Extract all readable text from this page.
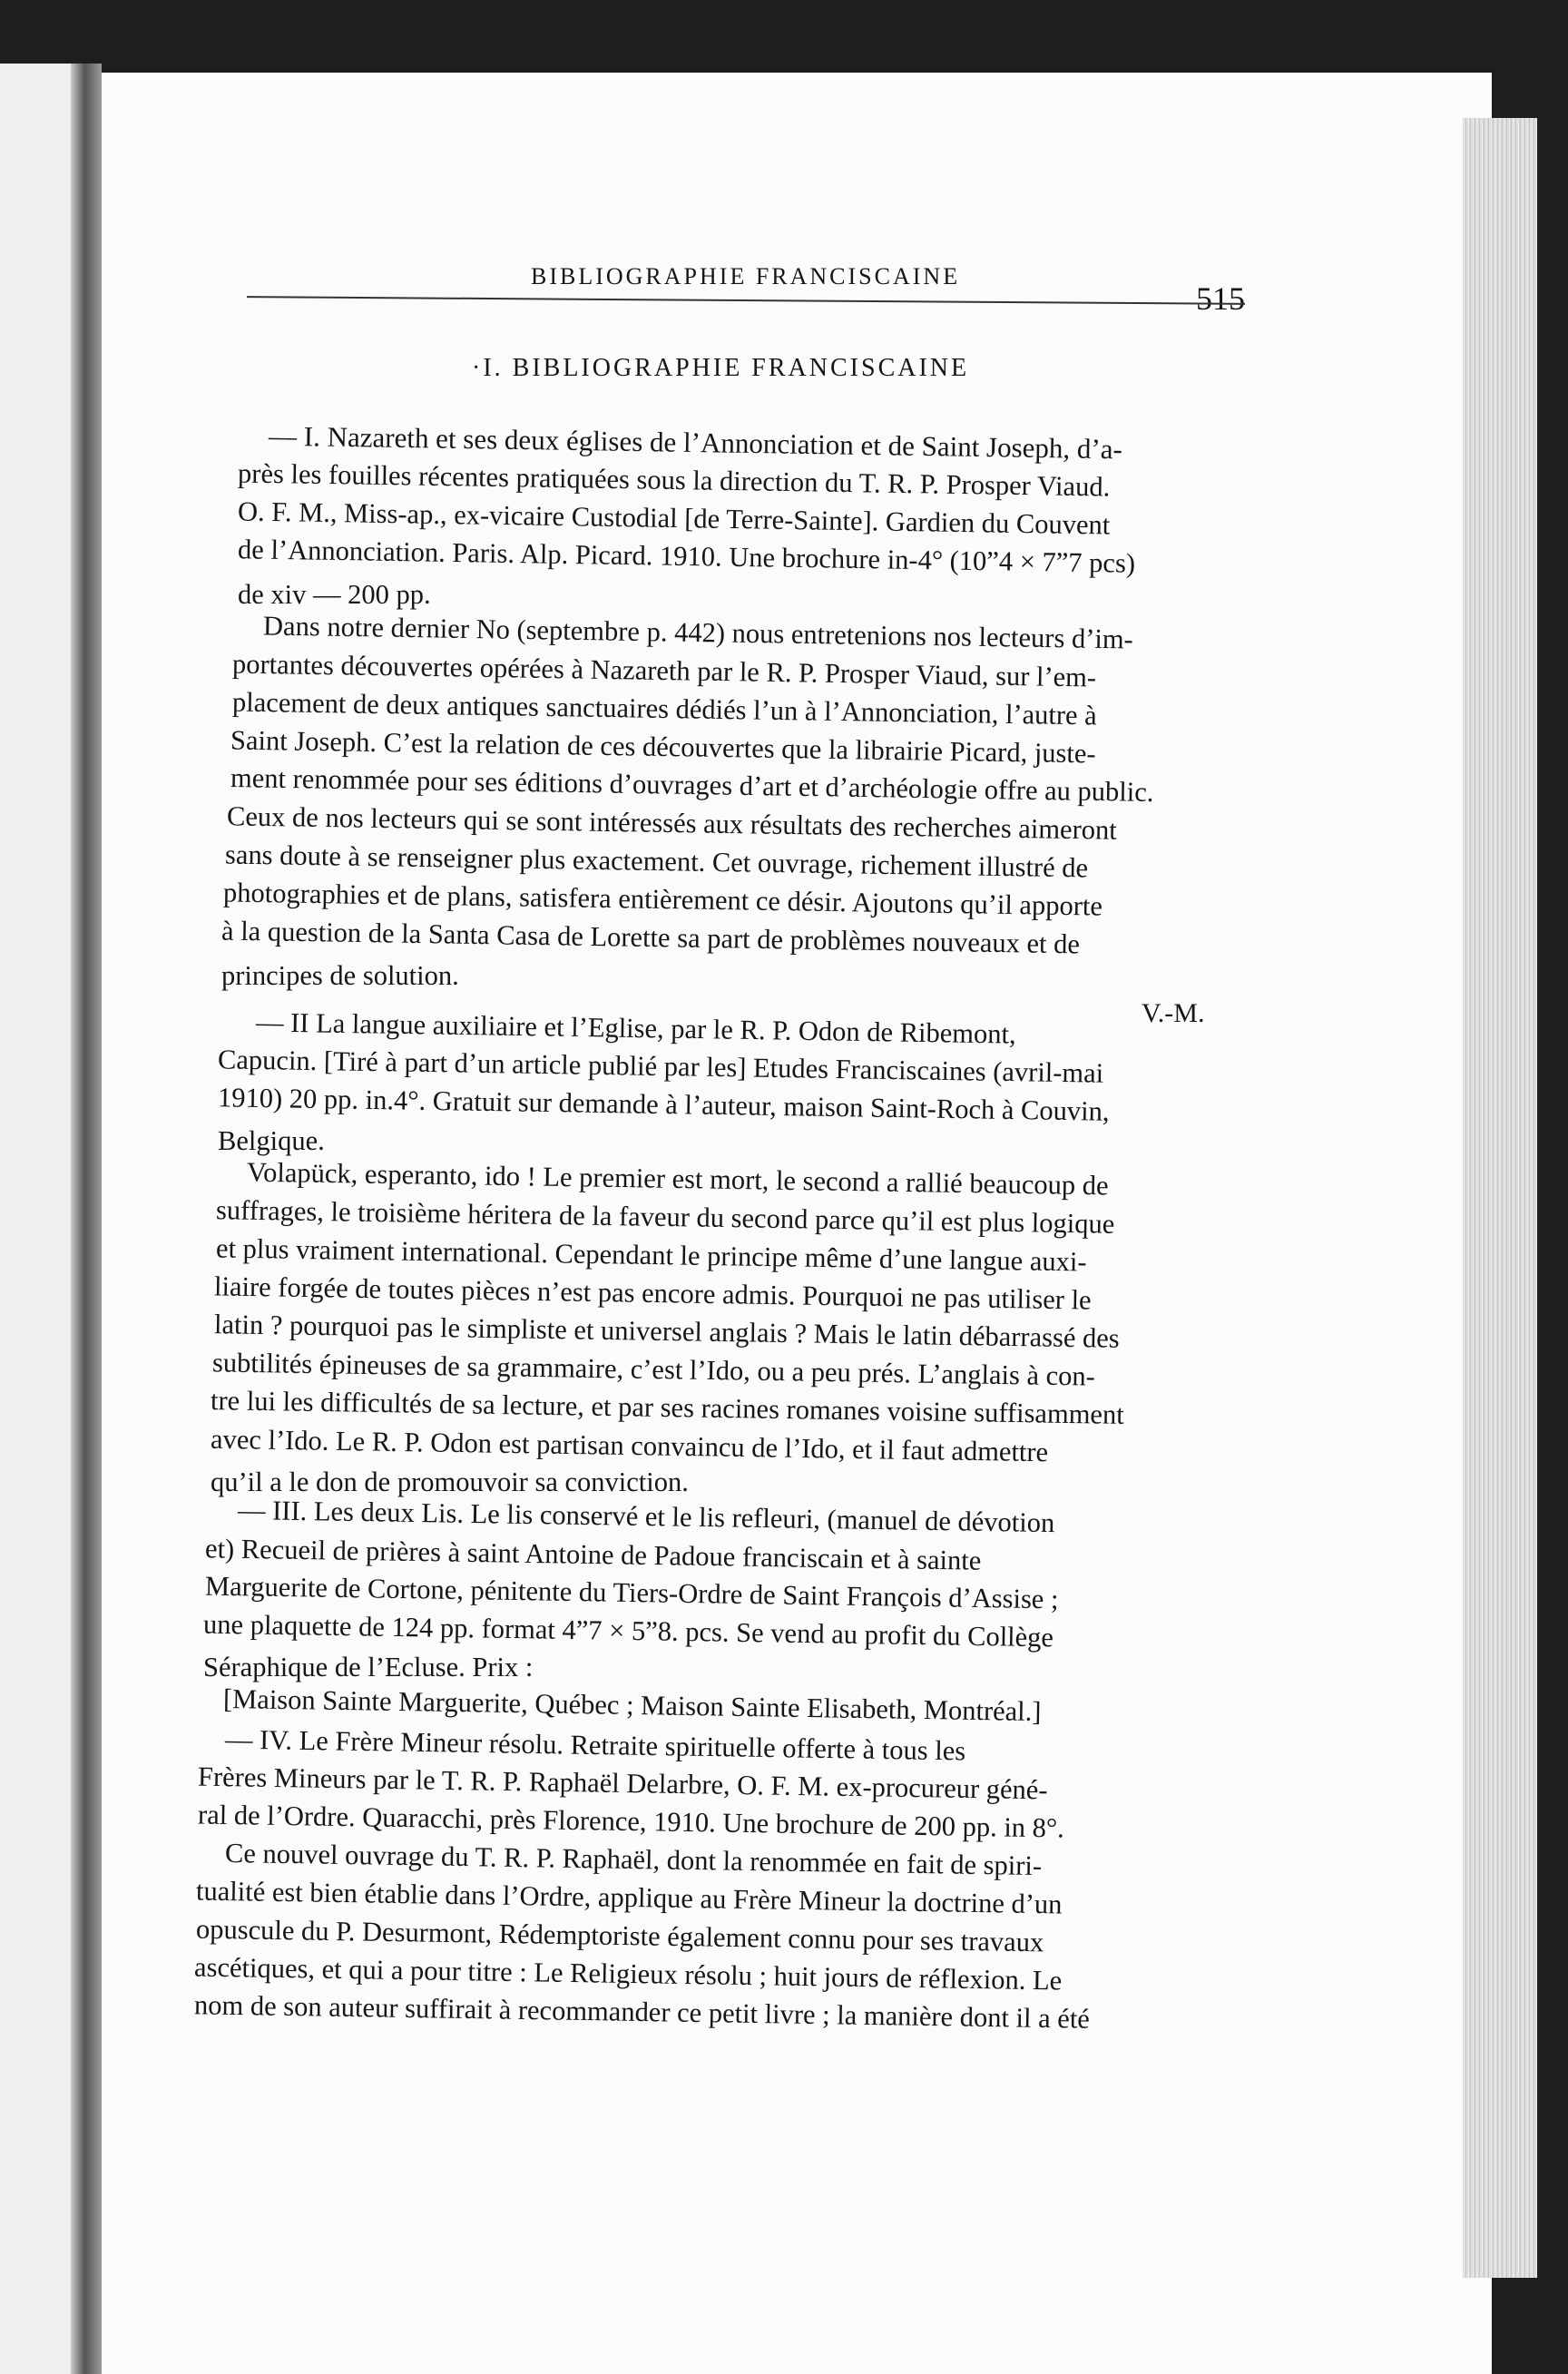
BIBLIOGRAPHIE FRANCISCAINE
515
·I. BIBLIOGRAPHIE FRANCISCAINE
— I. Nazareth et ses deux églises de l’Annonciation et de Saint Joseph, d’a-
près les fouilles récentes pratiquées sous la direction du T. R. P. Prosper Viaud.
O. F. M., Miss-ap., ex-vicaire Custodial [de Terre-Sainte]. Gardien du Couvent
de l’Annonciation. Paris. Alp. Picard. 1910. Une brochure in-4° (10”4 × 7”7 pcs)
de xiv — 200 pp.
Dans notre dernier No (septembre p. 442) nous entretenions nos lecteurs d’im-
portantes découvertes opérées à Nazareth par le R. P. Prosper Viaud, sur l’em-
placement de deux antiques sanctuaires dédiés l’un à l’Annonciation, l’autre à
Saint Joseph. C’est la relation de ces découvertes que la librairie Picard, juste-
ment renommée pour ses éditions d’ouvrages d’art et d’archéologie offre au public.
Ceux de nos lecteurs qui se sont intéressés aux résultats des recherches aimeront
sans doute à se renseigner plus exactement. Cet ouvrage, richement illustré de
photographies et de plans, satisfera entièrement ce désir. Ajoutons qu’il apporte
à la question de la Santa Casa de Lorette sa part de problèmes nouveaux et de
principes de solution.
V.-M.
— II La langue auxiliaire et l’Eglise, par le R. P. Odon de Ribemont,
Capucin. [Tiré à part d’un article publié par les] Etudes Franciscaines (avril-mai
1910) 20 pp. in.4°. Gratuit sur demande à l’auteur, maison Saint-Roch à Couvin,
Belgique.
Volapück, esperanto, ido ! Le premier est mort, le second a rallié beaucoup de
suffrages, le troisième héritera de la faveur du second parce qu’il est plus logique
et plus vraiment international. Cependant le principe même d’une langue auxi-
liaire forgée de toutes pièces n’est pas encore admis. Pourquoi ne pas utiliser le
latin ? pourquoi pas le simpliste et universel anglais ? Mais le latin débarrassé des
subtilités épineuses de sa grammaire, c’est l’Ido, ou a peu prés. L’anglais à con-
tre lui les difficultés de sa lecture, et par ses racines romanes voisine suffisamment
avec l’Ido. Le R. P. Odon est partisan convaincu de l’Ido, et il faut admettre
qu’il a le don de promouvoir sa conviction.
— III. Les deux Lis. Le lis conservé et le lis refleuri, (manuel de dévotion
et) Recueil de prières à saint Antoine de Padoue franciscain et à sainte
Marguerite de Cortone, pénitente du Tiers-Ordre de Saint François d’Assise ;
une plaquette de 124 pp. format 4”7 × 5”8. pcs. Se vend au profit du Collège
Séraphique de l’Ecluse. Prix :
[Maison Sainte Marguerite, Québec ; Maison Sainte Elisabeth, Montréal.]
— IV. Le Frère Mineur résolu. Retraite spirituelle offerte à tous les
Frères Mineurs par le T. R. P. Raphaël Delarbre, O. F. M. ex-procureur géné-
ral de l’Ordre. Quaracchi, près Florence, 1910. Une brochure de 200 pp. in 8°.
Ce nouvel ouvrage du T. R. P. Raphaël, dont la renommée en fait de spiri-
tualité est bien établie dans l’Ordre, applique au Frère Mineur la doctrine d’un
opuscule du P. Desurmont, Rédemptoriste également connu pour ses travaux
ascétiques, et qui a pour titre : Le Religieux résolu ; huit jours de réflexion. Le
nom de son auteur suffirait à recommander ce petit livre ; la manière dont il a été
